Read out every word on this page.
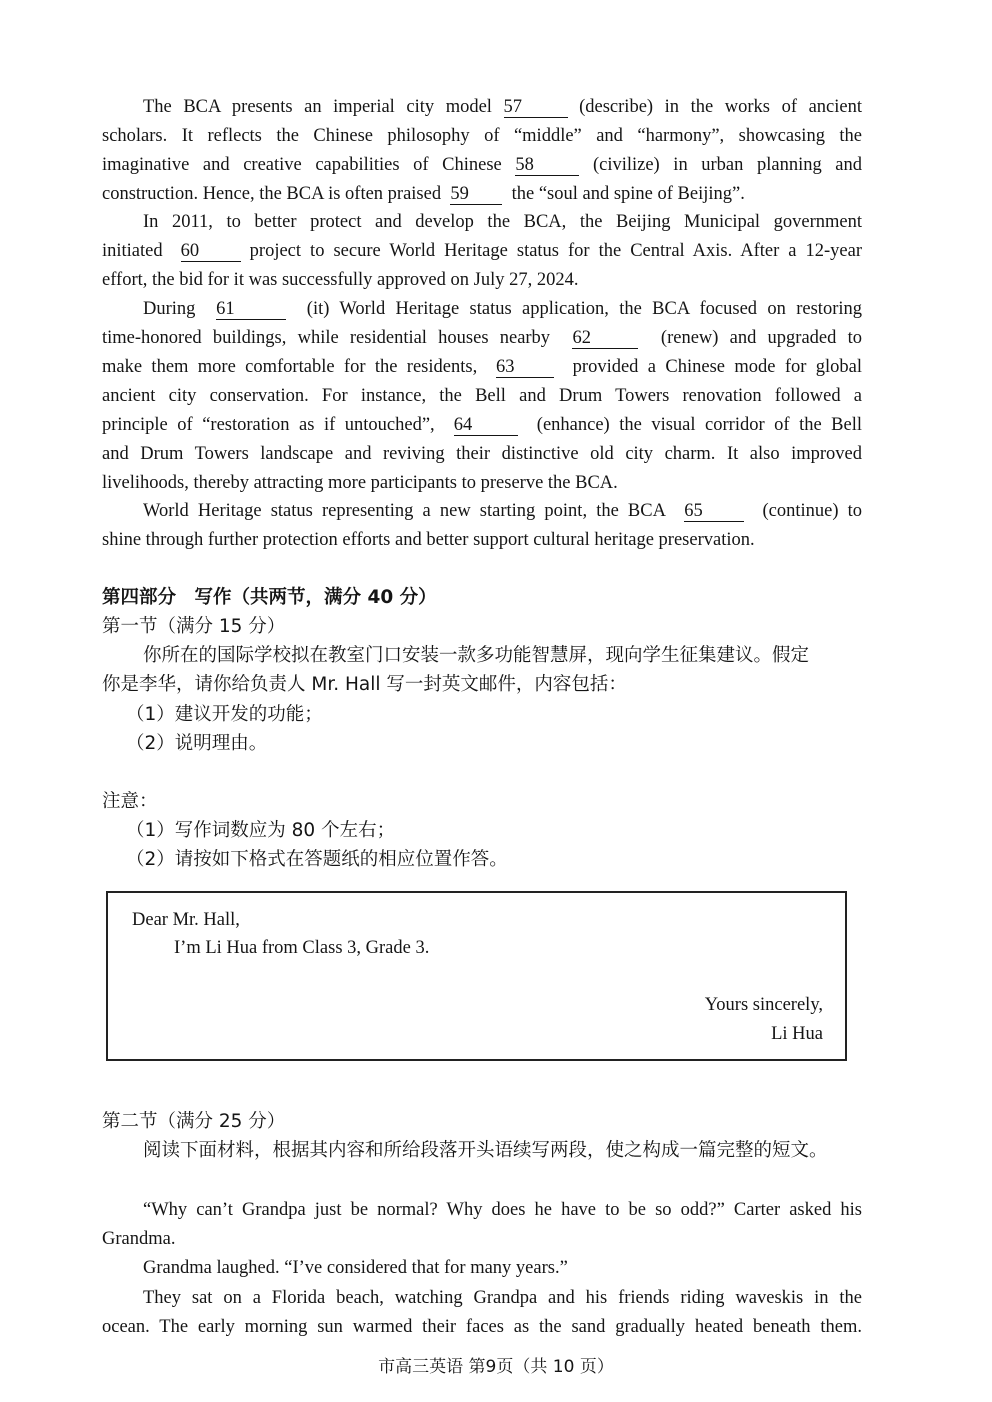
The BCA presents an imperial city model 57	(describe) in the works of ancient
scholars. It reflects the Chinese philosophy of “middle” and “harmony”, showcasing the
imaginative and creative capabilities of Chinese 58	(civilize) in urban planning and
construction. Hence, the BCA is often praised 59 the “soul and spine of Beijing”.
In 2011, to better protect and develop the BCA, the Beijing Municipal government
initiated 60	project to secure World Heritage status for the Central Axis. After a 12-year
effort, the bid for it was successfully approved on July 27, 2024.
During 61	(it) World Heritage status application, the BCA focused on restoring
time-honored buildings, while residential houses nearby 62	(renew) and upgraded to
make them more comfortable for the residents, 63	provided a Chinese mode for global
ancient city conservation. For instance, the Bell and Drum Towers renovation followed a
principle of “restoration as if untouched”, 64	(enhance) the visual corridor of the Bell
and Drum Towers landscape and reviving their distinctive old city charm. It also improved
livelihoods, thereby attracting more participants to preserve the BCA.
World Heritage status representing a new starting point, the BCA 65	(continue) to
shine through further protection efforts and better support cultural heritage preservation.
第四部分　写作（共两节，满分 40 分）
第一节（满分 15 分）
你所在的国际学校拟在教室门口安装一款多功能智慧屏，现向学生征集建议。假定
你是李华，请你给负责人 Mr. Hall 写一封英文邮件，内容包括：
（1）建议开发的功能；
（2）说明理由。
注意：
（1）写作词数应为 80 个左右；
（2）请按如下格式在答题纸的相应位置作答。
Dear Mr. Hall,
I’m Li Hua from Class 3, Grade 3.
Yours sincerely,
Li Hua
第二节（满分 25 分）
阅读下面材料，根据其内容和所给段落开头语续写两段，使之构成一篇完整的短文。
“Why can’t Grandpa just be normal? Why does he have to be so odd?” Carter asked his
Grandma.
Grandma laughed. “I’ve considered that for many years.”
They sat on a Florida beach, watching Grandpa and his friends riding waveskis in the
ocean. The early morning sun warmed their faces as the sand gradually heated beneath them.
市高三英语 第9页（共 10 页）
